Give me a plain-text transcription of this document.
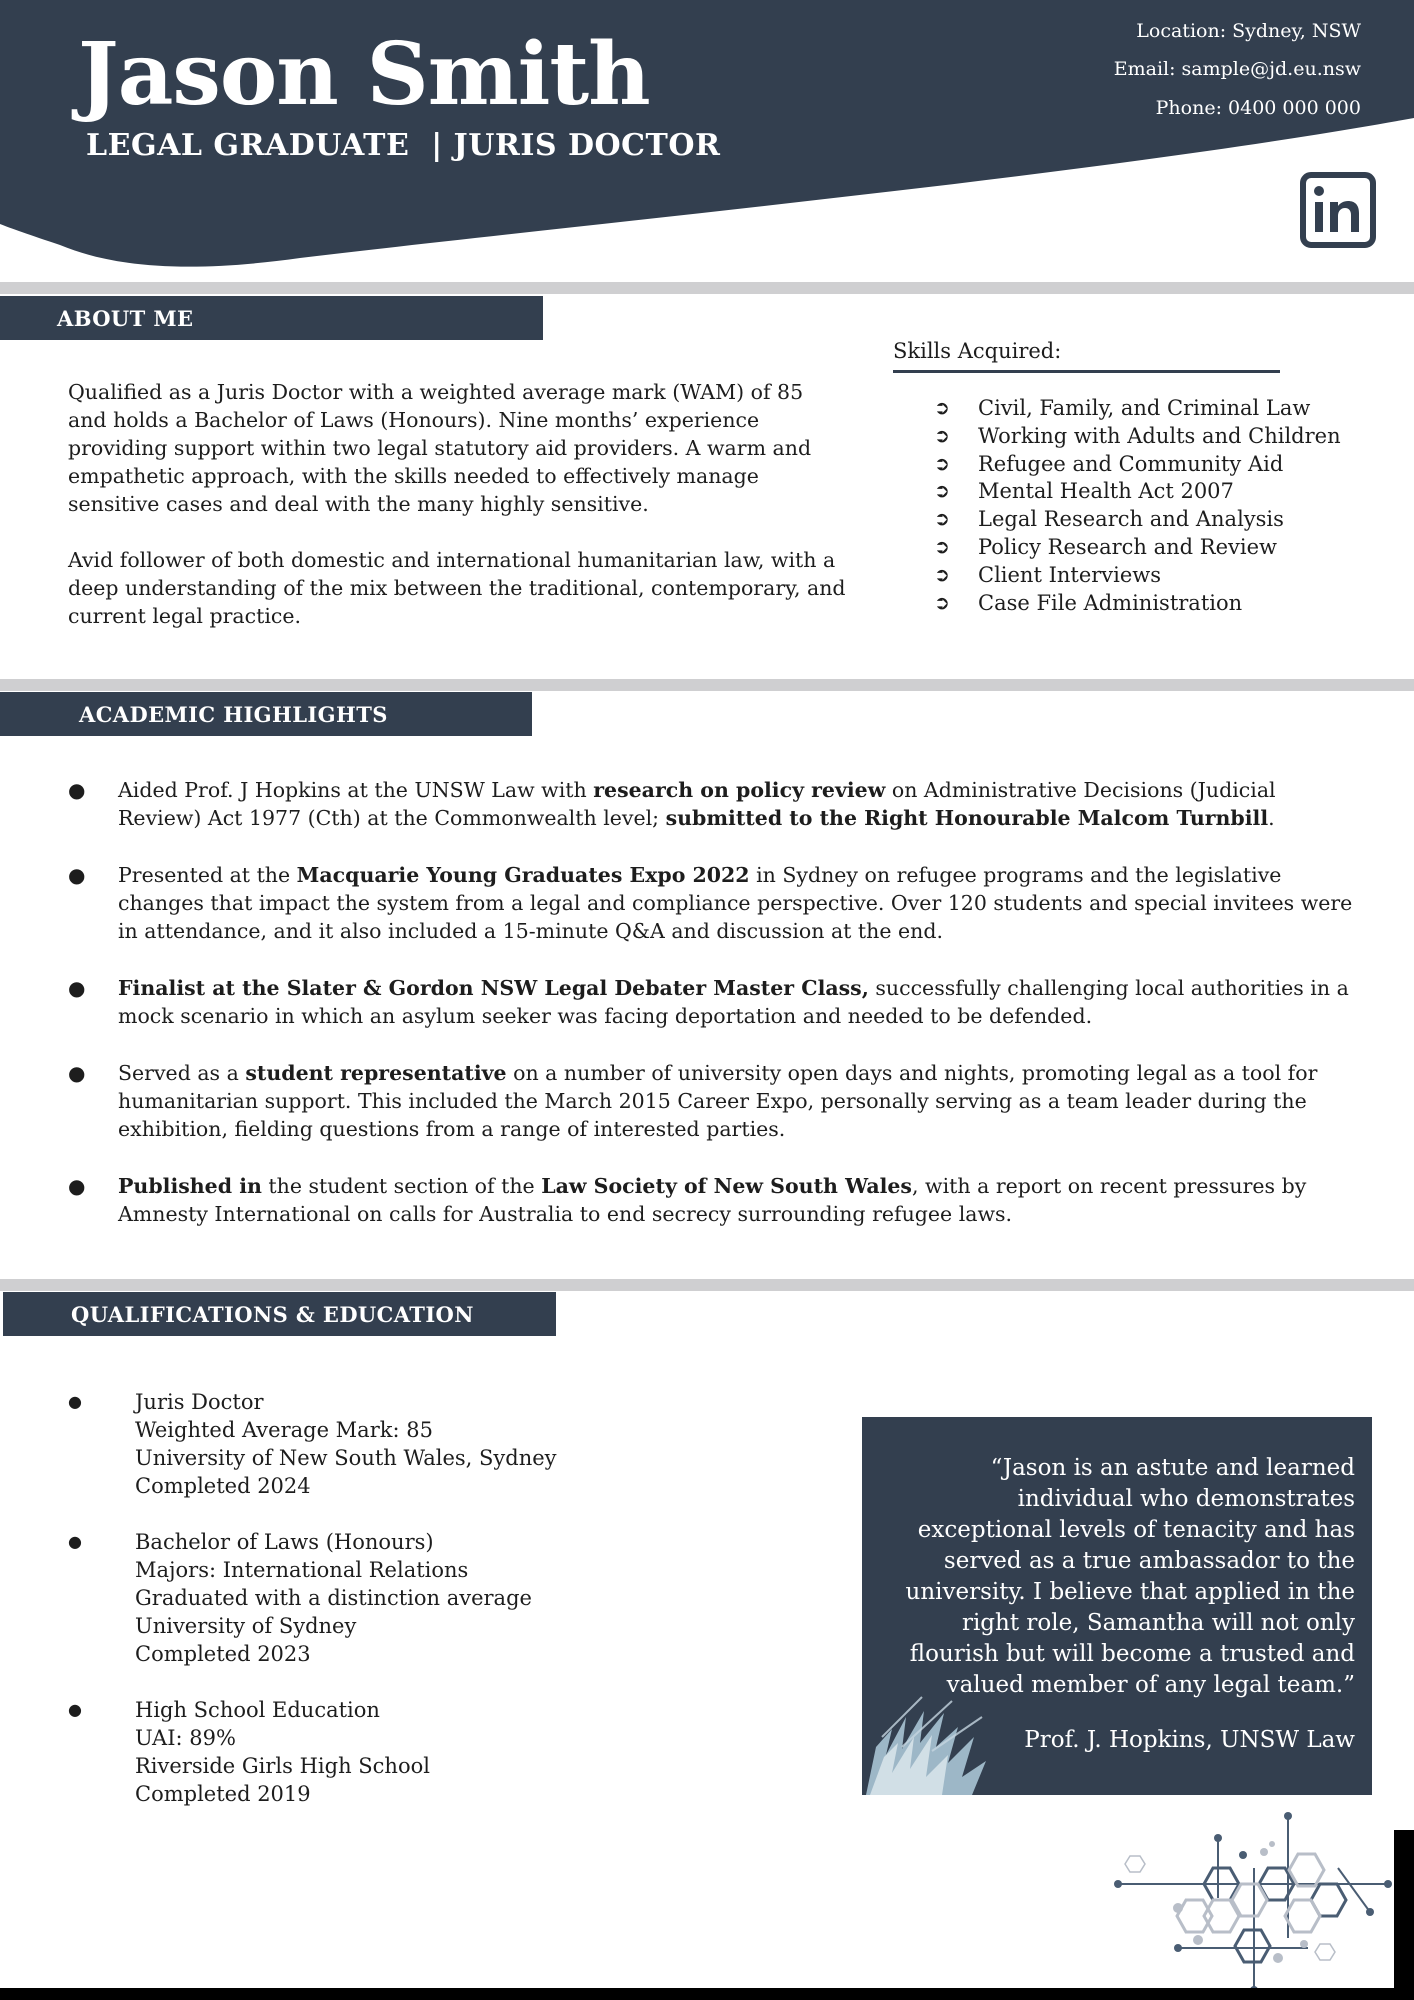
Jason Smith
LEGAL GRADUATE  | JURIS DOCTOR
Location: Sydney, NSW
Email: sample@jd.eu.nsw
Phone: 0400 000 000
ABOUT ME

Qualified as a Juris Doctor with a weighted average mark (WAM) of 85 and holds a Bachelor of Laws (Honours). Nine months’ experience providing support within two legal statutory aid providers. A warm and empathetic approach, with the skills needed to effectively manage sensitive cases and deal with the many highly sensitive.

Avid follower of both domestic and international humanitarian law, with a deep understanding of the mix between the traditional, contemporary, and current legal practice.

Skills Acquired:
➲ Civil, Family, and Criminal Law
➲ Working with Adults and Children
➲ Refugee and Community Aid
➲ Mental Health Act 2007
➲ Legal Research and Analysis
➲ Policy Research and Review
➲ Client Interviews
➲ Case File Administration
ACADEMIC HIGHLIGHTS
● Aided Prof. J Hopkins at the UNSW Law with research on policy review on Administrative Decisions (Judicial Review) Act 1977 (Cth) at the Commonwealth level; submitted to the Right Honourable Malcom Turnbill.
● Presented at the Macquarie Young Graduates Expo 2022 in Sydney on refugee programs and the legislative changes that impact the system from a legal and compliance perspective. Over 120 students and special invitees were in attendance, and it also included a 15-minute Q&A and discussion at the end.
● Finalist at the Slater & Gordon NSW Legal Debater Master Class, successfully challenging local authorities in a mock scenario in which an asylum seeker was facing deportation and needed to be defended.
● Served as a student representative on a number of university open days and nights, promoting legal as a tool for humanitarian support. This included the March 2015 Career Expo, personally serving as a team leader during the exhibition, fielding questions from a range of interested parties.
● Published in the student section of the Law Society of New South Wales, with a report on recent pressures by Amnesty International on calls for Australia to end secrecy surrounding refugee laws.
QUALIFICATIONS & EDUCATION
●	Juris Doctor
Weighted Average Mark: 85
University of New South Wales, Sydney
Completed 2024
●	Bachelor of Laws (Honours)
Majors: International Relations
Graduated with a distinction average
University of Sydney
Completed 2023
●	High School Education
UAI: 89%
Riverside Girls High School
Completed 2019

“Jason is an astute and learned individual who demonstrates exceptional levels of tenacity and has served as a true ambassador to the university. I believe that applied in the right role, Samantha will not only flourish but will become a trusted and valued member of any legal team.”

Prof. J. Hopkins, UNSW Law
